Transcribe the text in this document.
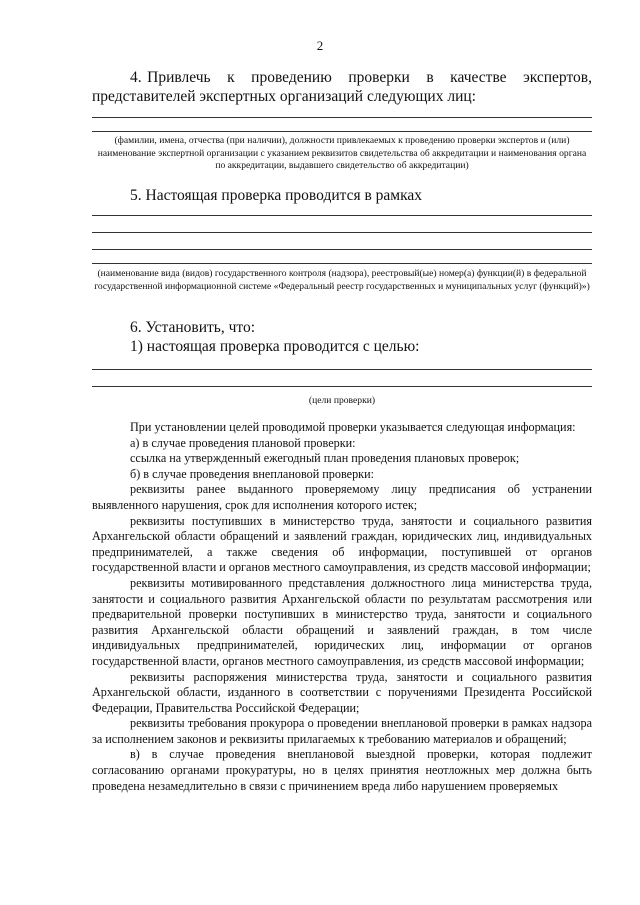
2
4. Привлечь   к   проведению   проверки   в   качестве   экспертов,
представителей экспертных организаций следующих лиц:
(фамилии, имена, отчества (при наличии), должности привлекаемых к проведению проверки экспертов и (или) наименование экспертной организации с указанием реквизитов свидетельства об аккредитации и наименования органа по аккредитации, выдавшего свидетельство об аккредитации)
5. Настоящая проверка проводится в рамках
(наименование вида (видов) государственного контроля (надзора), реестровый(ые) номер(а) функции(й) в федеральной государственной информационной системе «Федеральный реестр государственных и муниципальных услуг (функций)»)
6. Установить, что:
1) настоящая проверка проводится с целью:
(цели проверки)

При установлении целей проводимой проверки указывается следующая информация:

а) в случае проведения плановой проверки:

ссылка на утвержденный ежегодный план проведения плановых проверок;

б) в случае проведения внеплановой проверки:

реквизиты ранее выданного проверяемому лицу предписания об устранении выявленного нарушения, срок для исполнения которого истек;

реквизиты поступивших в министерство труда, занятости и социального развития Архангельской области обращений и заявлений граждан, юридических лиц, индивидуальных предпринимателей, а также сведения об информации, поступившей от органов государственной власти и органов местного самоуправления, из средств массовой информации;

реквизиты мотивированного представления должностного лица министерства труда, занятости и социального развития Архангельской области по результатам рассмотрения или предварительной проверки поступивших в министерство труда, занятости и социального развития Архангельской области обращений и заявлений граждан, в том числе индивидуальных предпринимателей, юридических лиц, информации от органов государственной власти, органов местного самоуправления, из средств массовой информации;

реквизиты распоряжения министерства труда, занятости и социального развития Архангельской области, изданного в соответствии с поручениями Президента Российской Федерации, Правительства Российской Федерации;

реквизиты требования прокурора о проведении внеплановой проверки в рамках надзора за исполнением законов и реквизиты прилагаемых к требованию материалов и обращений;

в) в случае проведения внеплановой выездной проверки, которая подлежит согласованию органами прокуратуры, но в целях принятия неотложных мер должна быть проведена незамедлительно в связи с причинением вреда либо нарушением проверяемых
